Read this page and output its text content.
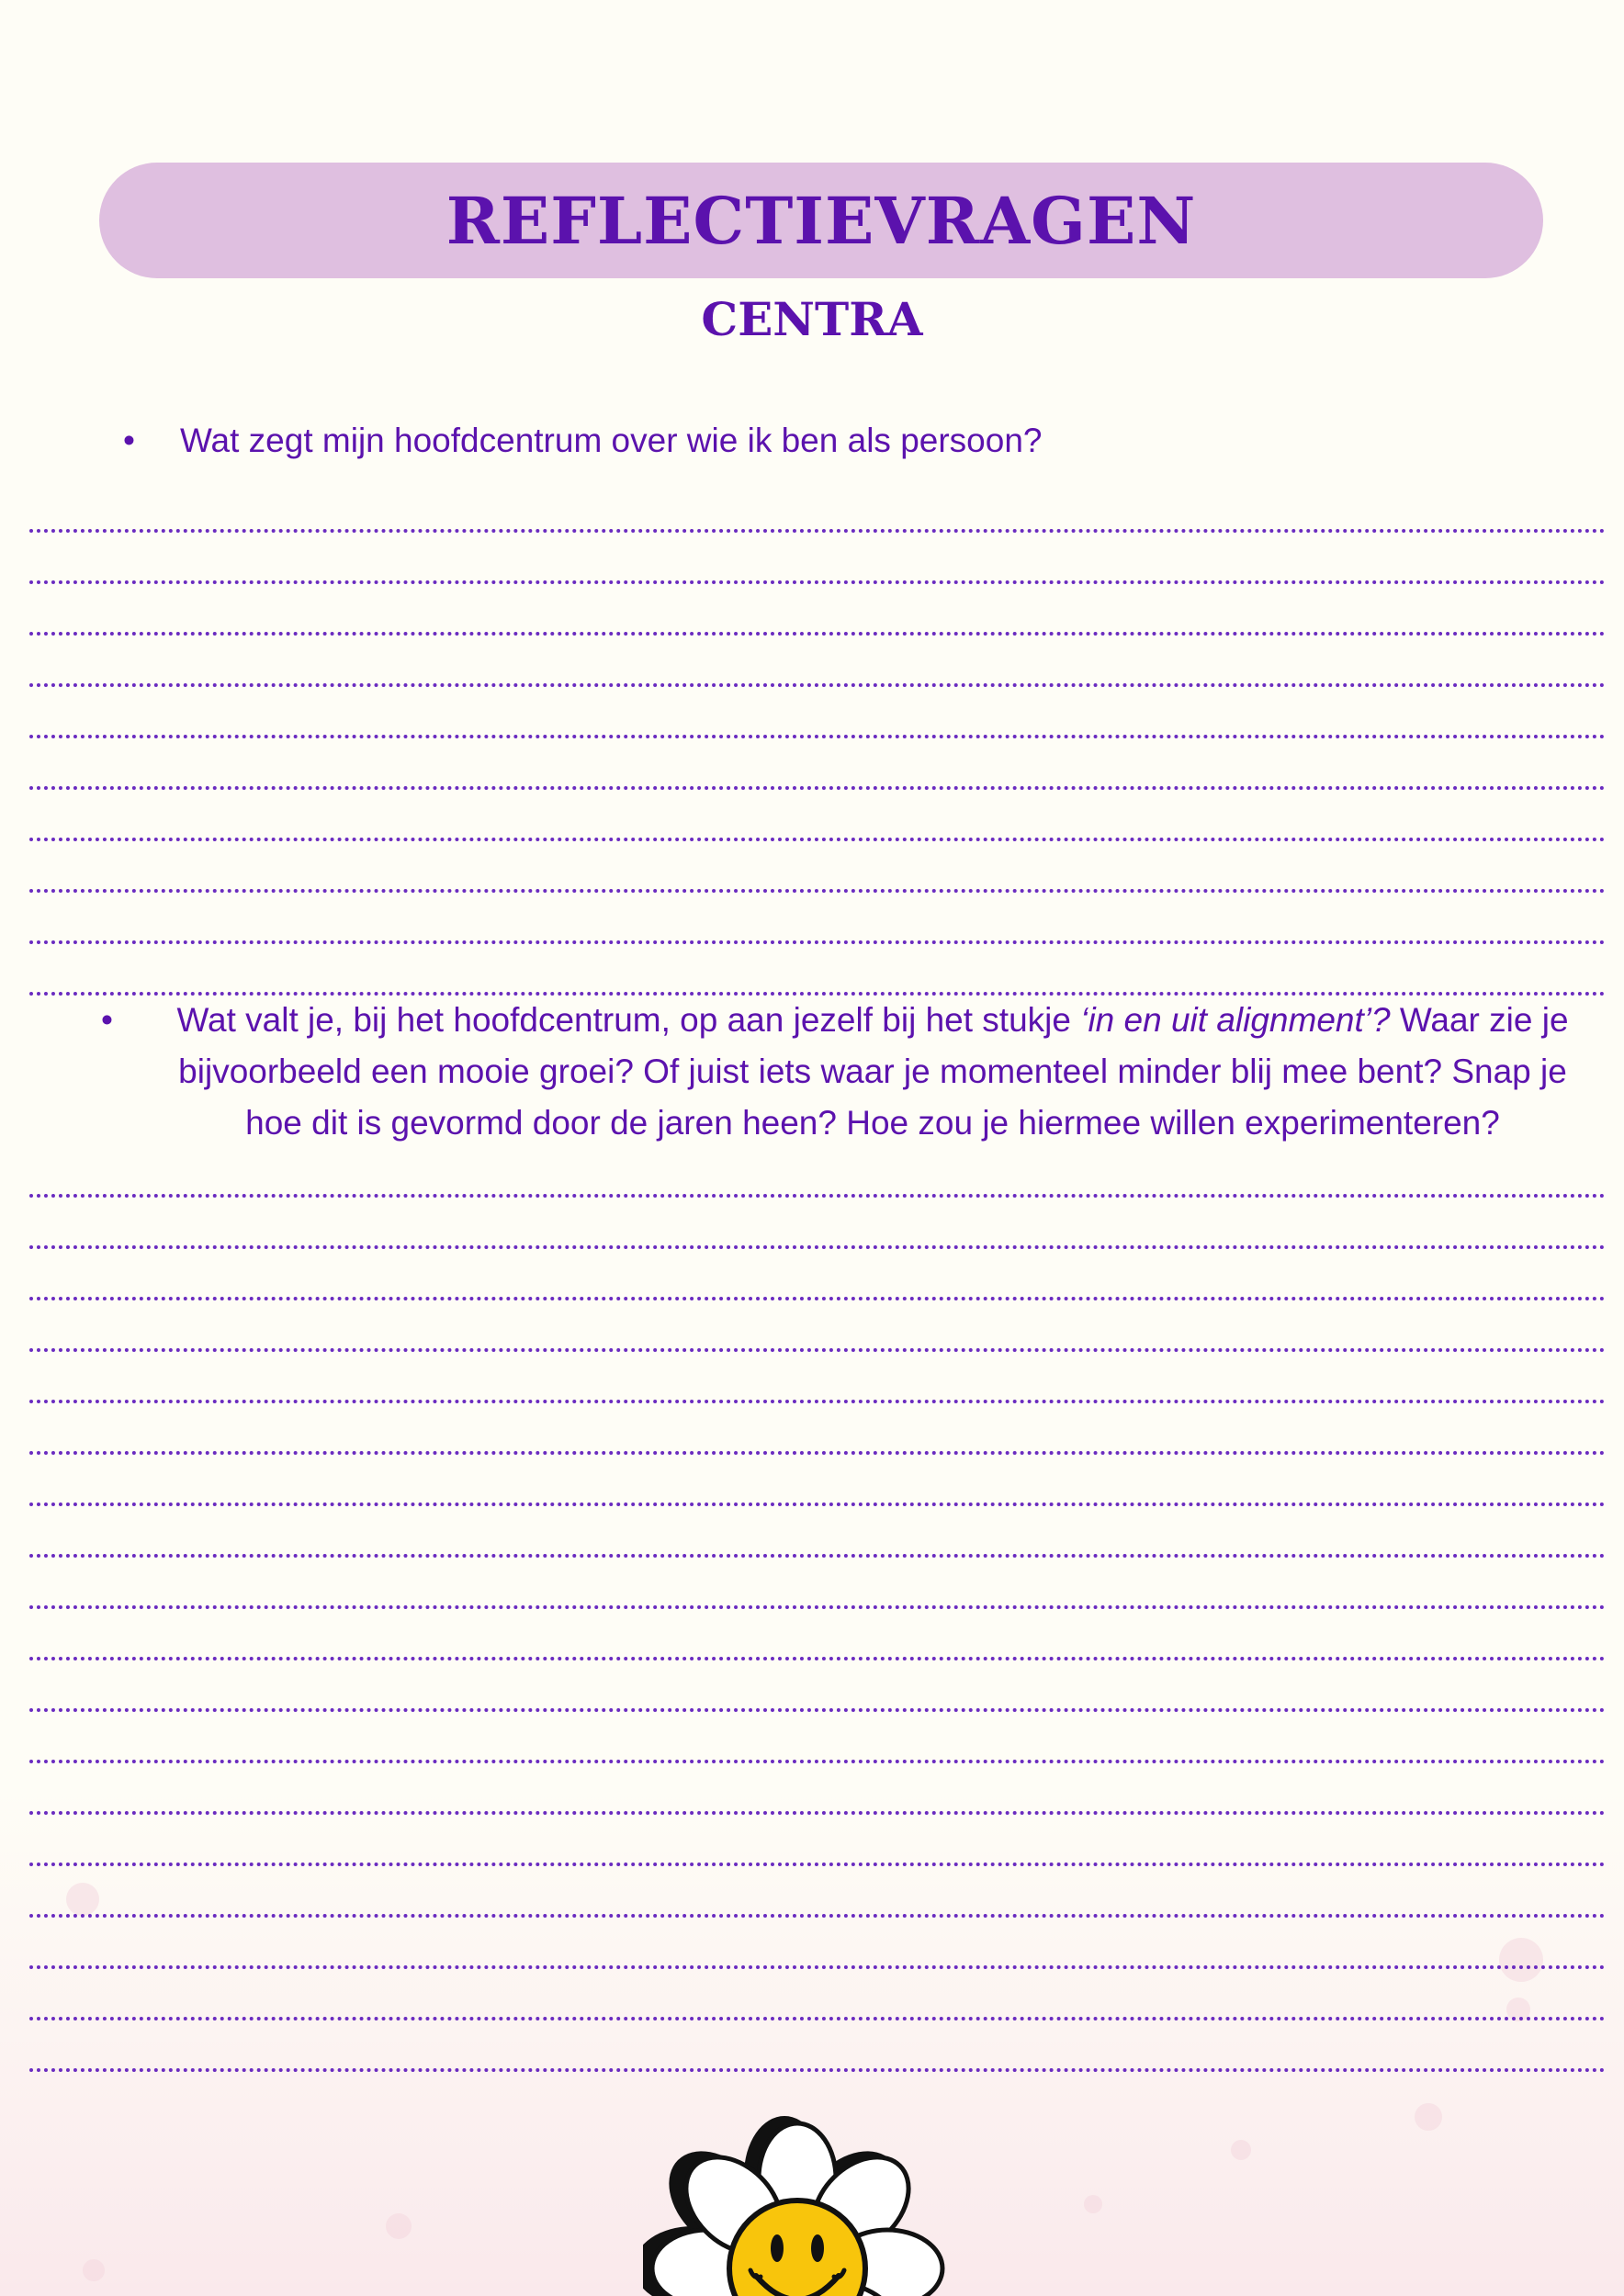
REFLECTIEVRAGEN
CENTRA
• Wat zegt mijn hoofdcentrum over wie ik ben als persoon?
•	Wat valt je, bij het hoofdcentrum, op aan jezelf bij het stukje ‘in en uit alignment’? Waar zie je bijvoorbeeld een mooie groei? Of juist iets waar je momenteel minder blij mee bent? Snap je hoe dit is gevormd door de jaren heen? Hoe zou je hiermee willen experimenteren?
